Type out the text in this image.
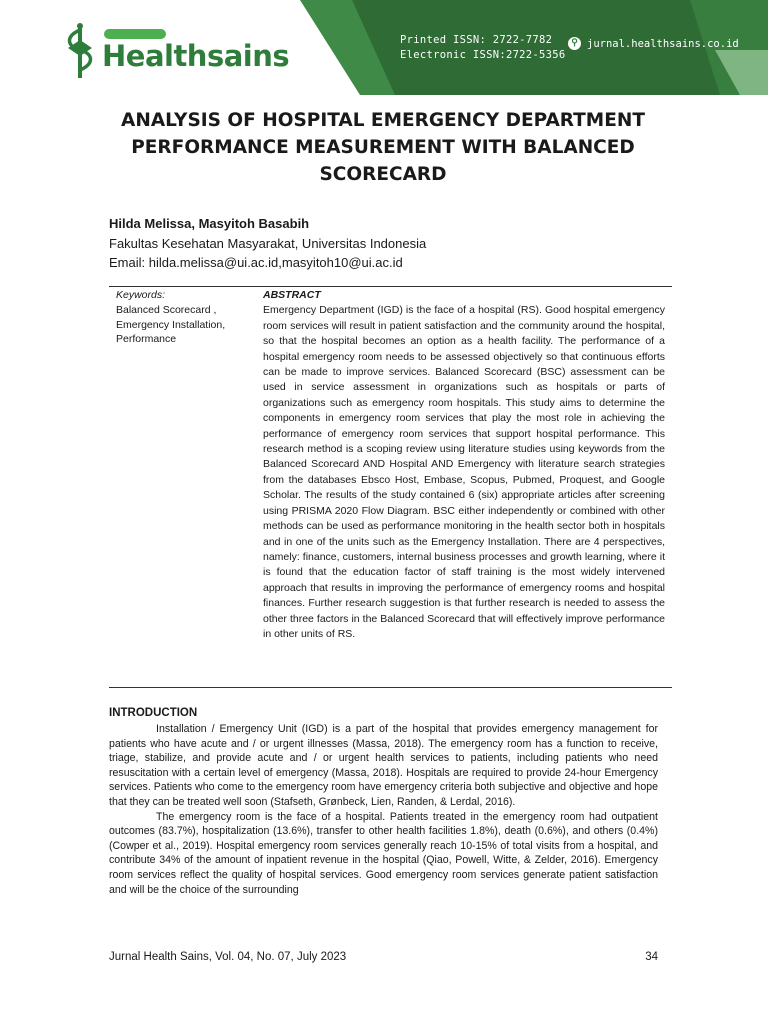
Healthsains	Printed ISSN: 2722-7782
Electronic ISSN:2722-5356
⚲ jurnal.healthsains.co.id
ANALYSIS OF HOSPITAL EMERGENCY DEPARTMENT PERFORMANCE MEASUREMENT WITH BALANCED SCORECARD
Hilda Melissa, Masyitoh Basabih
Fakultas Kesehatan Masyarakat, Universitas Indonesia
Email: hilda.melissa@ui.ac.id,masyitoh10@ui.ac.id
Keywords:
Balanced Scorecard ,
Emergency Installation,
Performance
ABSTRACT
Emergency Department (IGD) is the face of a hospital (RS). Good hospital emergency room services will result in patient satisfaction and the community around the hospital, so that the hospital becomes an option as a health facility. The performance of a hospital emergency room needs to be assessed objectively so that continuous efforts can be made to improve services. Balanced Scorecard (BSC) assessment can be used in service assessment in organizations such as hospitals or parts of organizations such as emergency room hospitals. This study aims to determine the components in emergency room services that play the most role in achieving the performance of emergency room services that support hospital performance. This research method is a scoping review using literature studies using keywords from the Balanced Scorecard AND Hospital AND Emergency with literature search strategies from the databases Ebsco Host, Embase, Scopus, Pubmed, Proquest, and Google Scholar. The results of the study contained 6 (six) appropriate articles after screening using PRISMA 2020 Flow Diagram. BSC either independently or combined with other methods can be used as performance monitoring in the health sector both in hospitals and in one of the units such as the Emergency Installation. There are 4 perspectives, namely: finance, customers, internal business processes and growth learning, where it is found that the education factor of staff training is the most widely intervened approach that results in improving the performance of emergency rooms and hospital finances. Further research suggestion is that further research is needed to assess the other three factors in the Balanced Scorecard that will effectively improve performance in other units of RS.
INTRODUCTION

Installation / Emergency Unit (IGD) is a part of the hospital that provides emergency management for patients who have acute and / or urgent illnesses (Massa, 2018). The emergency room has a function to receive, triage, stabilize, and provide acute and / or urgent health services to patients, including patients who need resuscitation with a certain level of emergency (Massa, 2018). Hospitals are required to provide 24-hour Emergency services. Patients who come to the emergency room have emergency criteria both subjective and objective and hope that they can be treated well soon (Stafseth, Grønbeck, Lien, Randen, & Lerdal, 2016).

The emergency room is the face of a hospital. Patients treated in the emergency room had outpatient outcomes (83.7%), hospitalization (13.6%), transfer to other health facilities 1.8%), death (0.6%), and others (0.4%) (Cowper et al., 2019). Hospital emergency room services generally reach 10-15% of total visits from a hospital, and contribute 34% of the amount of inpatient revenue in the hospital (Qiao, Powell, Witte, & Zelder, 2016). Emergency room services reflect the quality of hospital services. Good emergency room services generate patient satisfaction and will be the choice of the surrounding

Jurnal Health Sains, Vol. 04, No. 07, July 2023	34
